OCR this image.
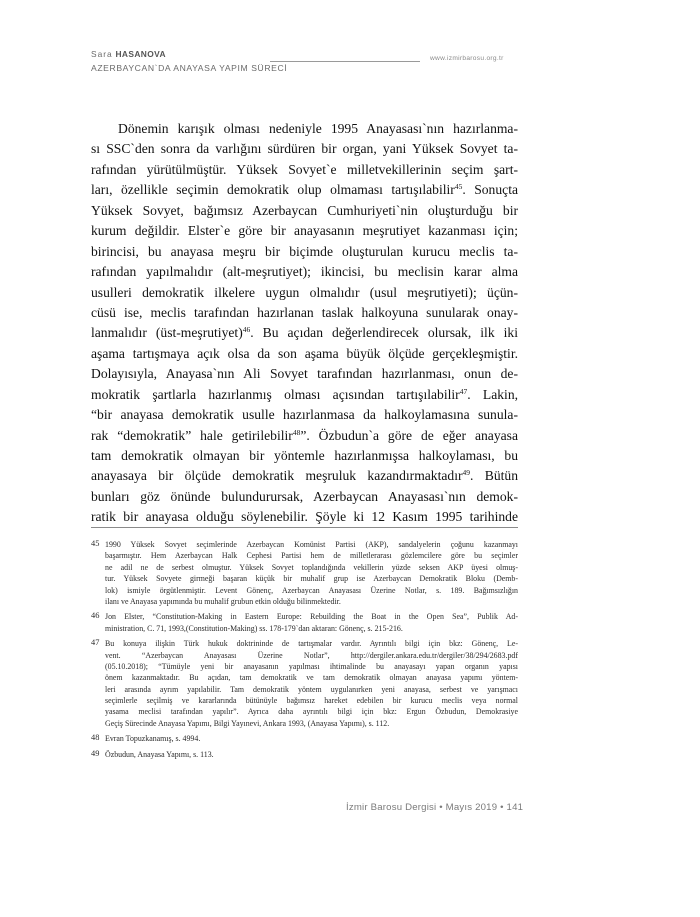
Sara HASANOVA
AZERBAYCAN`DA ANAYASA YAPIM SÜRECİ
www.izmirbarosu.org.tr
Dönemin karışık olması nedeniyle 1995 Anayasası`nın hazırlanma-
sı SSC`den sonra da varlığını sürdüren bir organ, yani Yüksek Sovyet ta-
rafından yürütülmüştür. Yüksek Sovyet`e milletvekillerinin seçim şart-
ları, özellikle seçimin demokratik olup olmaması tartışılabilir$^{45}$. Sonuçta
Yüksek Sovyet, bağımsız Azerbaycan Cumhuriyeti`nin oluşturduğu bir
kurum değildir. Elster`e göre bir anayasanın meşrutiyet kazanması için;
birincisi, bu anayasa meşru bir biçimde oluşturulan kurucu meclis ta-
rafından yapılmalıdır (alt-meşrutiyet); ikincisi, bu meclisin karar alma
usulleri demokratik ilkelere uygun olmalıdır (usul meşrutiyeti); üçün-
cüsü ise, meclis tarafından hazırlanan taslak halkoyuna sunularak onay-
lanmalıdır (üst-meşrutiyet)$^{46}$. Bu açıdan değerlendirecek olursak, ilk iki
aşama tartışmaya açık olsa da son aşama büyük ölçüde gerçekleşmiştir.
Dolayısıyla, Anayasa`nın Ali Sovyet tarafından hazırlanması, onun de-
mokratik şartlarla hazırlanmış olması açısından tartışılabilir$^{47}$. Lakin,
“bir anayasa demokratik usulle hazırlanmasa da halkoylamasına sunula-
rak “demokratik” hale getirilebilir$^{48}$”. Özbudun`a göre de eğer anayasa
tam demokratik olmayan bir yöntemle hazırlanmışsa halkoylaması, bu
anayasaya bir ölçüde demokratik meşruluk kazandırmaktadır$^{49}$. Bütün
bunları göz önünde bulundurursak, Azerbaycan Anayasası`nın demok-
ratik bir anayasa olduğu söylenebilir. Şöyle ki 12 Kasım 1995 tarihinde
45 1990 Yüksek Sovyet seçimlerinde Azerbaycan Komünist Partisi (AKP), sandalyelerin çoğunu kazanmayı
başarmıştır. Hem Azerbaycan Halk Cephesi Partisi hem de milletlerarası gözlemcilere göre bu seçimler
ne adil ne de serbest olmuştur. Yüksek Sovyet toplandığında vekillerin yüzde seksen AKP üyesi olmuş-
tur. Yüksek Sovyete girmeği başaran küçük bir muhalif grup ise Azerbaycan Demokratik Bloku (Demb-
lok) ismiyle örgütlenmiştir. Levent Gönenç, Azerbaycan Anayasası Üzerine Notlar, s. 189. Bağımsızlığın
ilanı ve Anayasa yapımında bu muhalif grubun etkin olduğu bilinmektedir.
46 Jon Elster, “Constitution-Making in Eastern Europe: Rebuilding the Boat in the Open Sea”, Publik Ad-
ministration, C. 71, 1993,(Constitution-Making) ss. 178-179`dan aktaran: Gönenç, s. 215-216.
47 Bu konuya ilişkin Türk hukuk doktrininde de tartışmalar vardır. Ayrıntılı bilgi için bkz: Gönenç, Le-
vent. “Azerbaycan Anayasası Üzerine Notlar”, http://dergiler.ankara.edu.tr/dergiler/38/294/2683.pdf
(05.10.2018); “Tümüyle yeni bir anayasanın yapılması ihtimalinde bu anayasayı yapan organın yapısı
önem kazanmaktadır. Bu açıdan, tam demokratik ve tam demokratik olmayan anayasa yapımı yöntem-
leri arasında ayrım yapılabilir. Tam demokratik yöntem uygulanırken yeni anayasa, serbest ve yarışmacı
seçimlerle seçilmiş ve kararlarında bütünüyle bağımsız hareket edebilen bir kurucu meclis veya normal
yasama meclisi tarafından yapılır”. Ayrıca daha ayrıntılı bilgi için bkz: Ergun Özbudun, Demokrasiye
Geçiş Sürecinde Anayasa Yapımı, Bilgi Yayınevi, Ankara 1993, (Anayasa Yapımı), s. 112.
48 Evran Topuzkanamış, s. 4994.
49 Özbudun, Anayasa Yapımı, s. 113.
İzmir Barosu Dergisi • Mayıs 2019 • 141
